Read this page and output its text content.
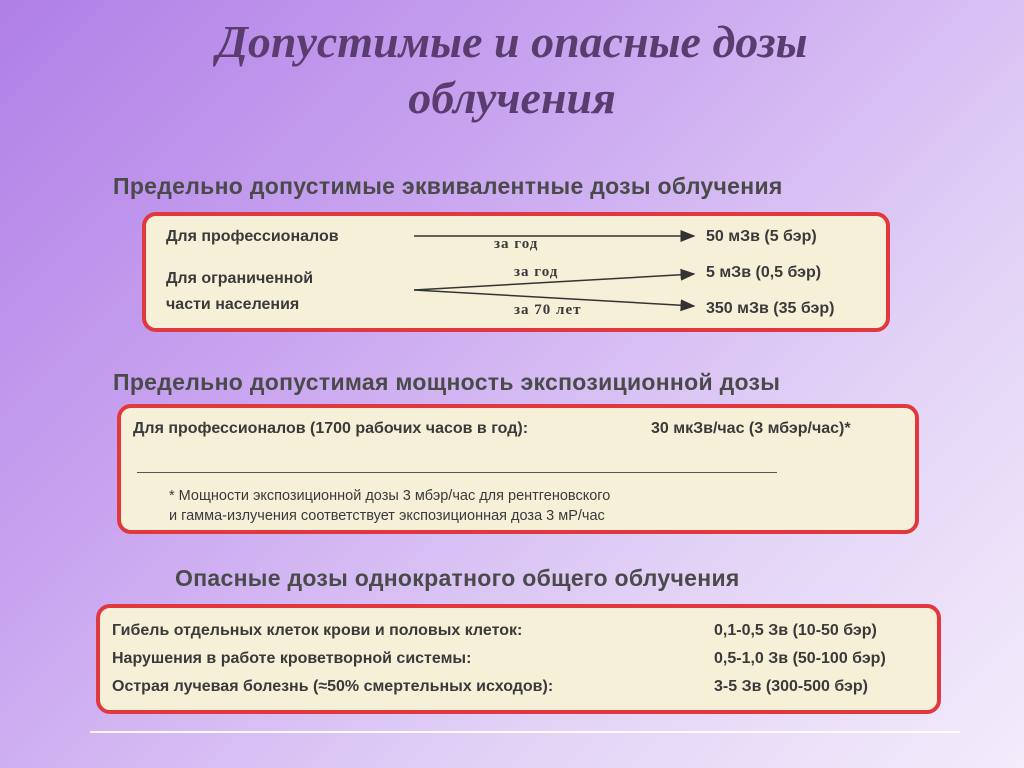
Допустимые и опасные дозы
облучения
Предельно допустимые эквивалентные дозы облучения
Для профессионалов	за год	50 мЗв (5 бэр)
Для ограниченной
части населения
за год	5 мЗв (0,5 бэр)
за 70 лет	350 мЗв (35 бэр)
Предельно допустимая мощность экспозиционной дозы
Для профессионалов (1700 рабочих часов в год):	30 мкЗв/час (3 мбэр/час)*
* Мощности экспозиционной дозы 3 мбэр/час для рентгеновского
и гамма-излучения соответствует экспозиционная доза 3 мР/час
Опасные дозы однократного общего облучения
Гибель отдельных клеток крови и половых клеток:	0,1-0,5 Зв (10-50 бэр)
Нарушения в работе кроветворной системы:	0,5-1,0 Зв (50-100 бэр)
Острая лучевая болезнь (≈50% смертельных исходов):	3-5 Зв (300-500 бэр)
